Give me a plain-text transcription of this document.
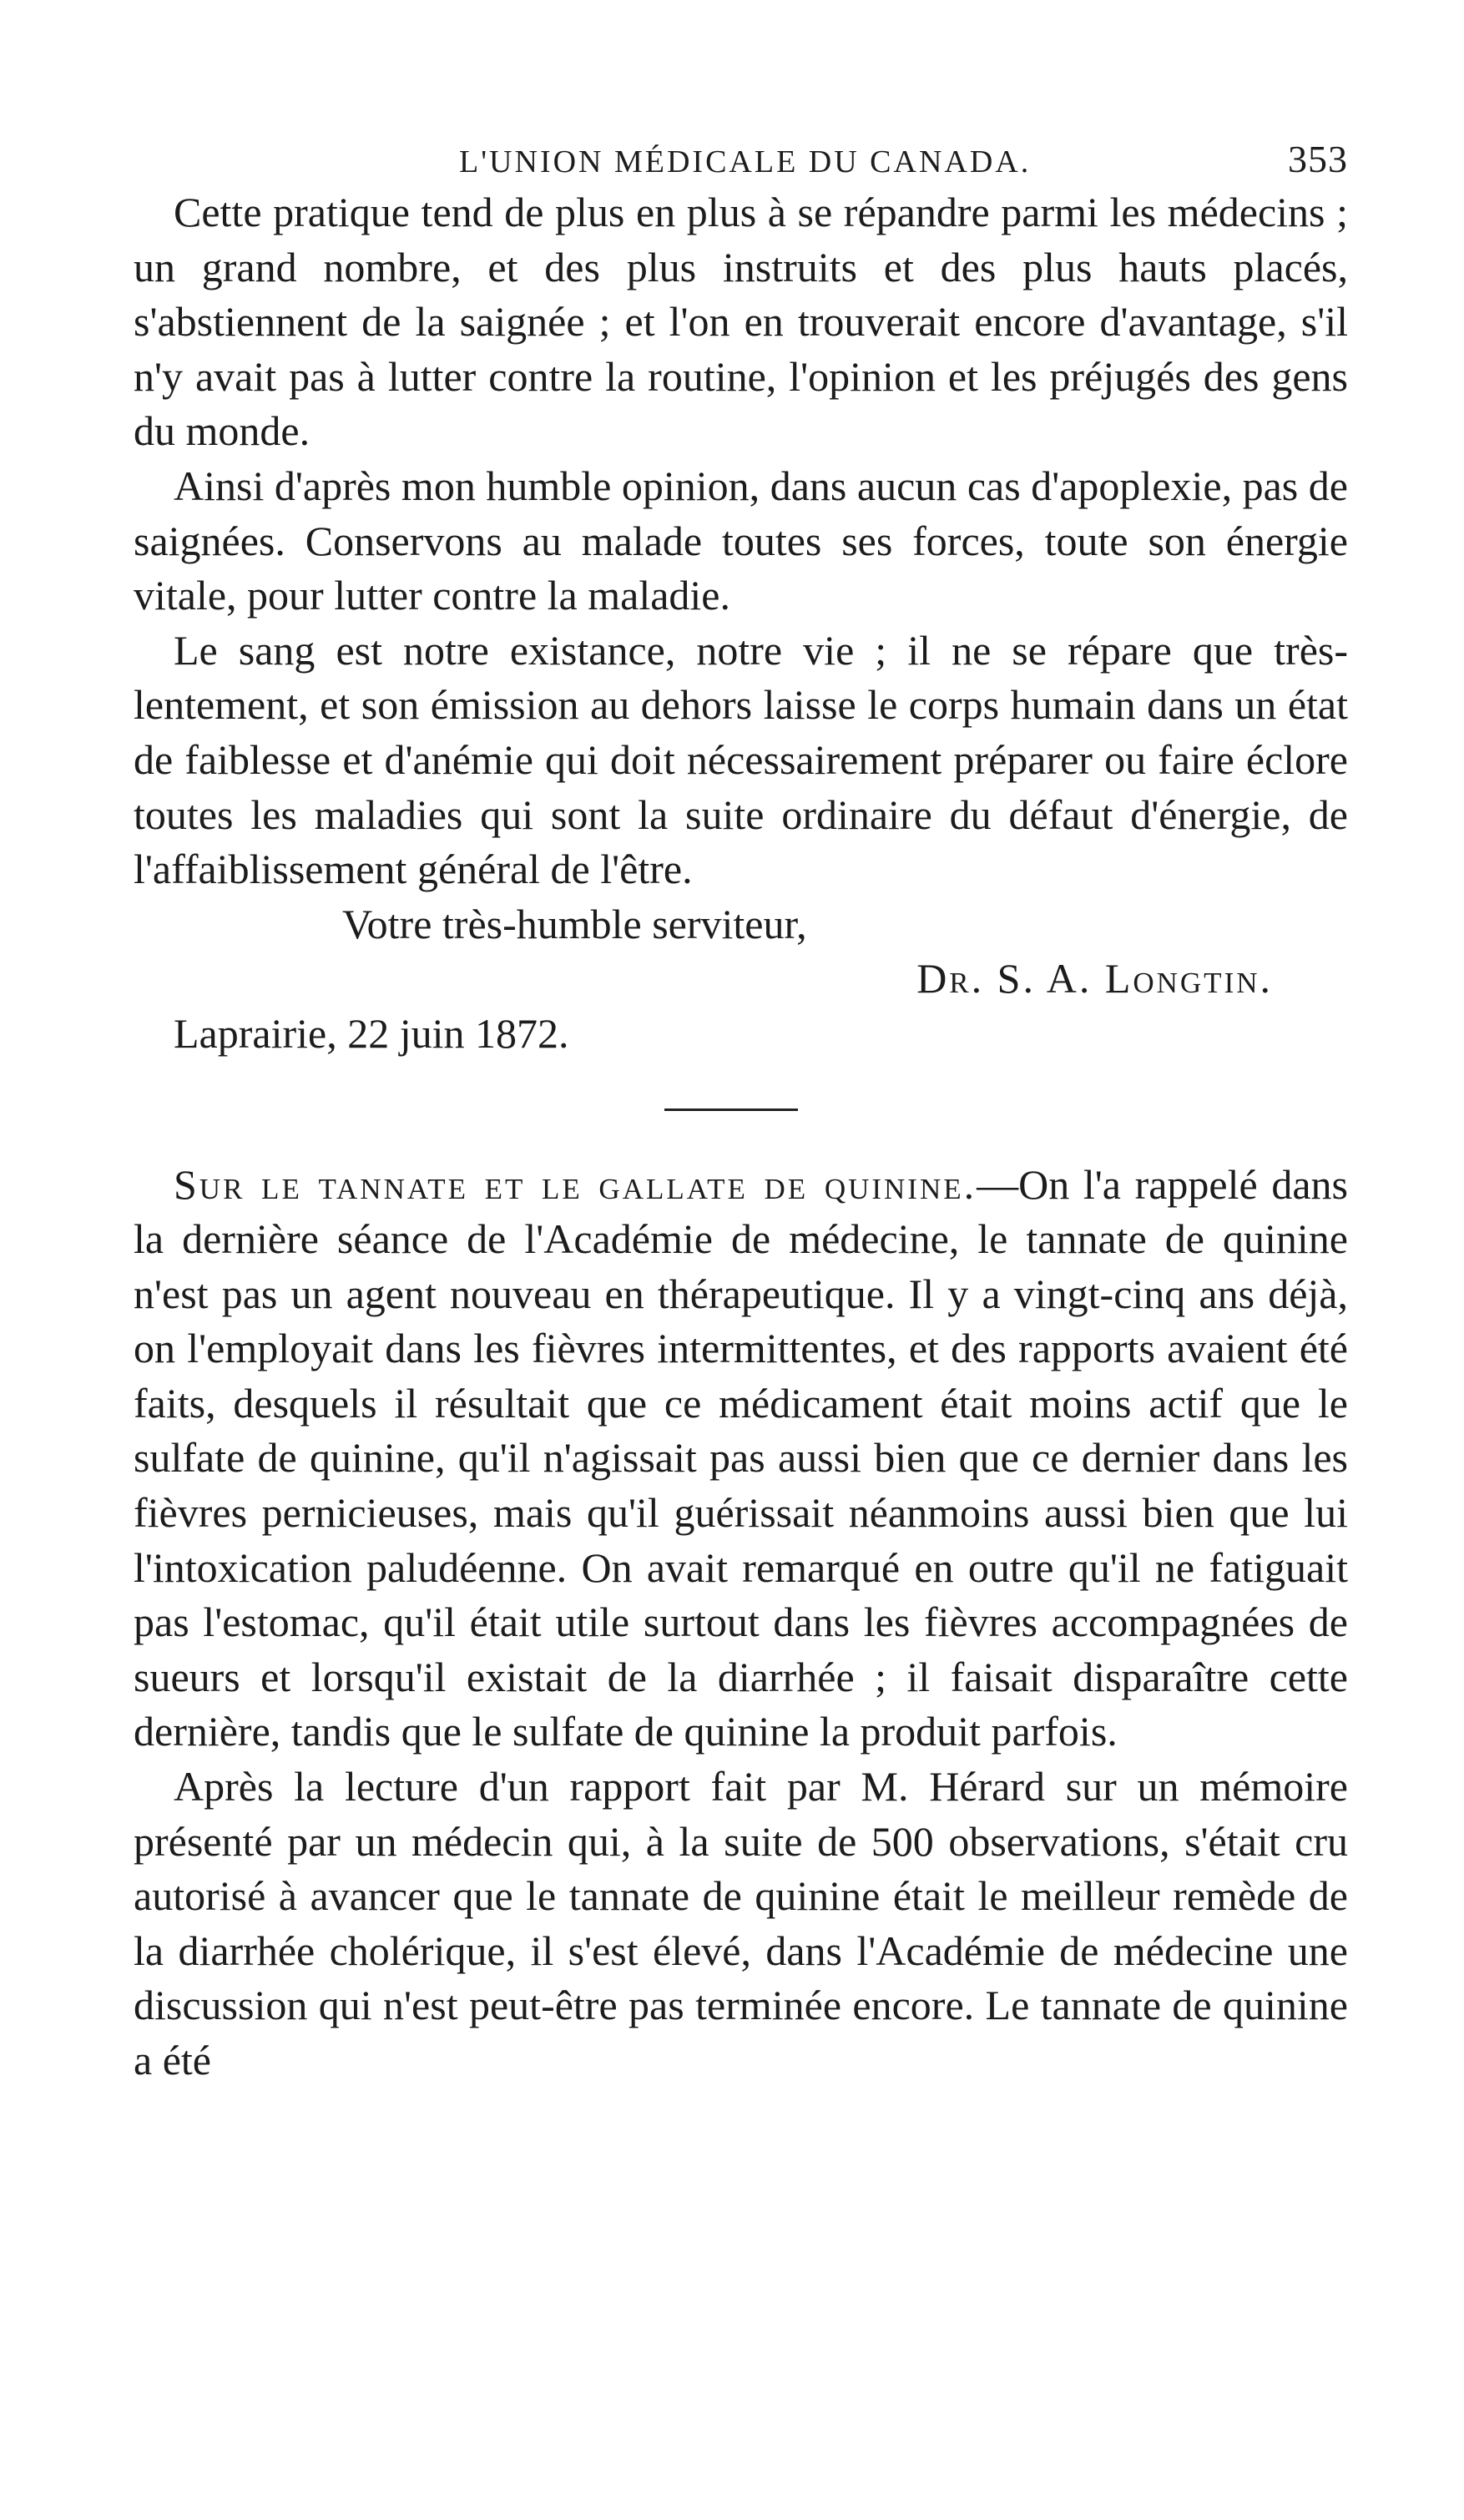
L'UNION MÉDICALE DU CANADA.	353

Cette pratique tend de plus en plus à se répandre parmi les médecins ; un grand nombre, et des plus instruits et des plus hauts placés, s'abstiennent de la saignée ; et l'on en trouverait encore d'avantage, s'il n'y avait pas à lutter contre la routine, l'opinion et les préjugés des gens du monde.

Ainsi d'après mon humble opinion, dans aucun cas d'apoplexie, pas de saignées. Conservons au malade toutes ses forces, toute son énergie vitale, pour lutter contre la maladie.

Le sang est notre existance, notre vie ; il ne se répare que très-lentement, et son émission au dehors laisse le corps humain dans un état de faiblesse et d'anémie qui doit nécessairement préparer ou faire éclore toutes les maladies qui sont la suite ordinaire du défaut d'énergie, de l'affaiblissement général de l'être.

Votre très-humble serviteur,
Dr. S. A. Longtin.
Laprairie, 22 juin 1872.

Sur le tannate et le gallate de quinine.—On l'a rappelé dans la dernière séance de l'Académie de médecine, le tannate de quinine n'est pas un agent nouveau en thérapeutique. Il y a vingt-cinq ans déjà, on l'employait dans les fièvres intermittentes, et des rapports avaient été faits, desquels il résultait que ce médicament était moins actif que le sulfate de quinine, qu'il n'agissait pas aussi bien que ce dernier dans les fièvres pernicieuses, mais qu'il guérissait néanmoins aussi bien que lui l'intoxication paludéenne. On avait remarqué en outre qu'il ne fatiguait pas l'estomac, qu'il était utile surtout dans les fièvres accompagnées de sueurs et lorsqu'il existait de la diarrhée ; il faisait disparaître cette dernière, tandis que le sulfate de quinine la produit parfois.

Après la lecture d'un rapport fait par M. Hérard sur un mémoire présenté par un médecin qui, à la suite de 500 observations, s'était cru autorisé à avancer que le tannate de quinine était le meilleur remède de la diarrhée cholérique, il s'est élevé, dans l'Académie de médecine une discussion qui n'est peut-être pas terminée encore. Le tannate de quinine a été
